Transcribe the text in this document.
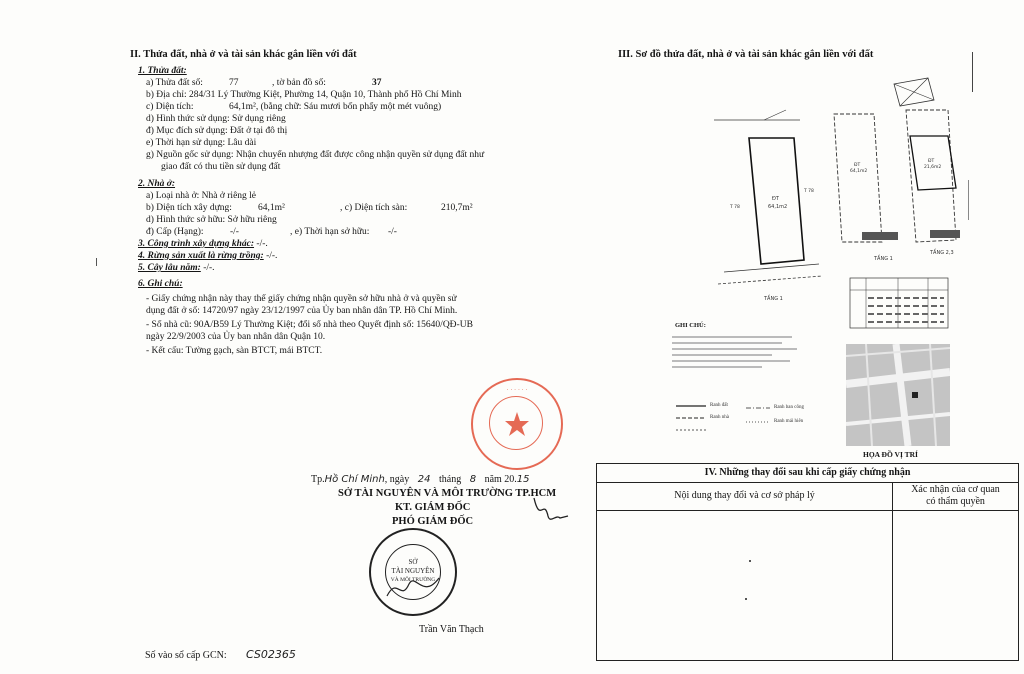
II. Thửa đất, nhà ở và tài sản khác gắn liền với đất
1. Thửa đất:
a) Thửa đất số:	77	, tờ bản đồ số:	37
b) Địa chỉ: 284/31 Lý Thường Kiệt, Phường 14, Quận 10, Thành phố Hồ Chí Minh
c) Diện tích:	64,1m², (bằng chữ: Sáu mươi bốn phẩy một mét vuông)
d) Hình thức sử dụng: Sử dụng riêng
đ) Mục đích sử dụng: Đất ở tại đô thị
e) Thời hạn sử dụng: Lâu dài
g) Nguồn gốc sử dụng: Nhận chuyển nhượng đất được công nhận quyền sử dụng đất như
giao đất có thu tiền sử dụng đất
2. Nhà ở:
a) Loại nhà ở: Nhà ở riêng lẻ
b) Diện tích xây dựng:	64,1m²	, c) Diện tích sàn:	210,7m²
d) Hình thức sở hữu: Sở hữu riêng
đ) Cấp (Hạng):	-/-	, e) Thời hạn sở hữu: -/-
3. Công trình xây dựng khác: -/-.
4. Rừng sản xuất là rừng trồng: -/-.
5. Cây lâu năm: -/-.
6. Ghi chú:
- Giấy chứng nhận này thay thế giấy chứng nhận quyền sở hữu nhà ở và quyền sử
dụng đất ở số: 14720/97 ngày 23/12/1997 của Ủy ban nhân dân TP. Hồ Chí Minh.
- Số nhà cũ: 90A/B59 Lý Thường Kiệt; đổi số nhà theo Quyết định số: 15640/QĐ-UB
ngày 22/9/2003 của Ủy ban nhân dân Quận 10.
- Kết cấu: Tường gạch, sàn BTCT, mái BTCT.
· · · · · ·
Tp.Hồ Chí Minh, ngày 24 tháng 8 năm 20.15
SỞ TÀI NGUYÊN VÀ MÔI TRƯỜNG TP.HCM
KT. GIÁM ĐỐC
PHÓ GIÁM ĐỐC
SỞ
TÀI NGUYÊN
VÀ MÔI TRƯỜNG
Trần Văn Thạch
Số vào sổ cấp GCN: CS02365
III. Sơ đồ thửa đất, nhà ở và tài sản khác gắn liền với đất
ĐT
64,1m2
T 78
T 78
TẦNG 1
ĐT
64,1m2
ĐT
21,6m2
TẦNG 1
TẦNG 2,3
HỌA ĐỒ VỊ TRÍ
GHI CHÚ:
Ranh đất
Ranh nhà
Ranh ban công
Ranh mái hiên
IV. Những thay đổi sau khi cấp giấy chứng nhận
Nội dung thay đổi và cơ sở pháp lý
Xác nhận của cơ quan
có thẩm quyền
